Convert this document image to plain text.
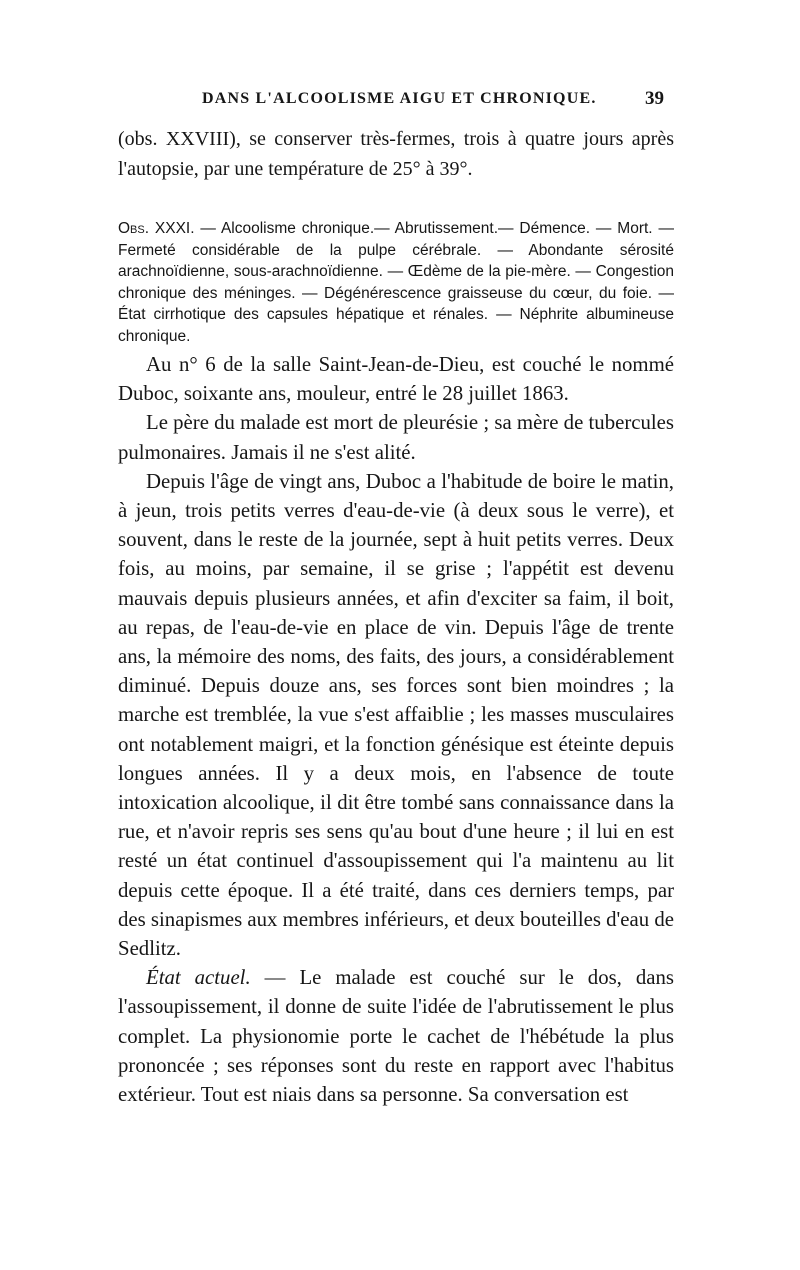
DANS L'ALCOOLISME AIGU ET CHRONIQUE.	39

(obs. XXVIII), se conserver très-fermes, trois à quatre jours après l'autopsie, par une température de 25° à 39°.

Obs. XXXI. — Alcoolisme chronique.— Abrutissement.— Démence. — Mort. — Fermeté considérable de la pulpe cérébrale. — Abondante sérosité arachnoïdienne, sous-arachnoïdienne. — Œdème de la pie-mère. — Congestion chronique des méninges. — Dégénérescence graisseuse du cœur, du foie. — État cirrhotique des capsules hépatique et rénales. — Néphrite albumineuse chronique.

Au n° 6 de la salle Saint-Jean-de-Dieu, est couché le nommé Duboc, soixante ans, mouleur, entré le 28 juillet 1863.

Le père du malade est mort de pleurésie ; sa mère de tubercules pulmonaires. Jamais il ne s'est alité.

Depuis l'âge de vingt ans, Duboc a l'habitude de boire le matin, à jeun, trois petits verres d'eau-de-vie (à deux sous le verre), et souvent, dans le reste de la journée, sept à huit petits verres. Deux fois, au moins, par semaine, il se grise ; l'appétit est devenu mauvais depuis plusieurs années, et afin d'exciter sa faim, il boit, au repas, de l'eau-de-vie en place de vin. Depuis l'âge de trente ans, la mémoire des noms, des faits, des jours, a considérablement diminué. Depuis douze ans, ses forces sont bien moindres ; la marche est tremblée, la vue s'est affaiblie ; les masses musculaires ont notablement maigri, et la fonction génésique est éteinte depuis longues années. Il y a deux mois, en l'absence de toute intoxication alcoolique, il dit être tombé sans connaissance dans la rue, et n'avoir repris ses sens qu'au bout d'une heure ; il lui en est resté un état continuel d'assoupissement qui l'a maintenu au lit depuis cette époque. Il a été traité, dans ces derniers temps, par des sinapismes aux membres inférieurs, et deux bouteilles d'eau de Sedlitz.

État actuel. — Le malade est couché sur le dos, dans l'assoupissement, il donne de suite l'idée de l'abrutissement le plus complet. La physionomie porte le cachet de l'hébétude la plus prononcée ; ses réponses sont du reste en rapport avec l'habitus extérieur. Tout est niais dans sa personne. Sa conversation est
